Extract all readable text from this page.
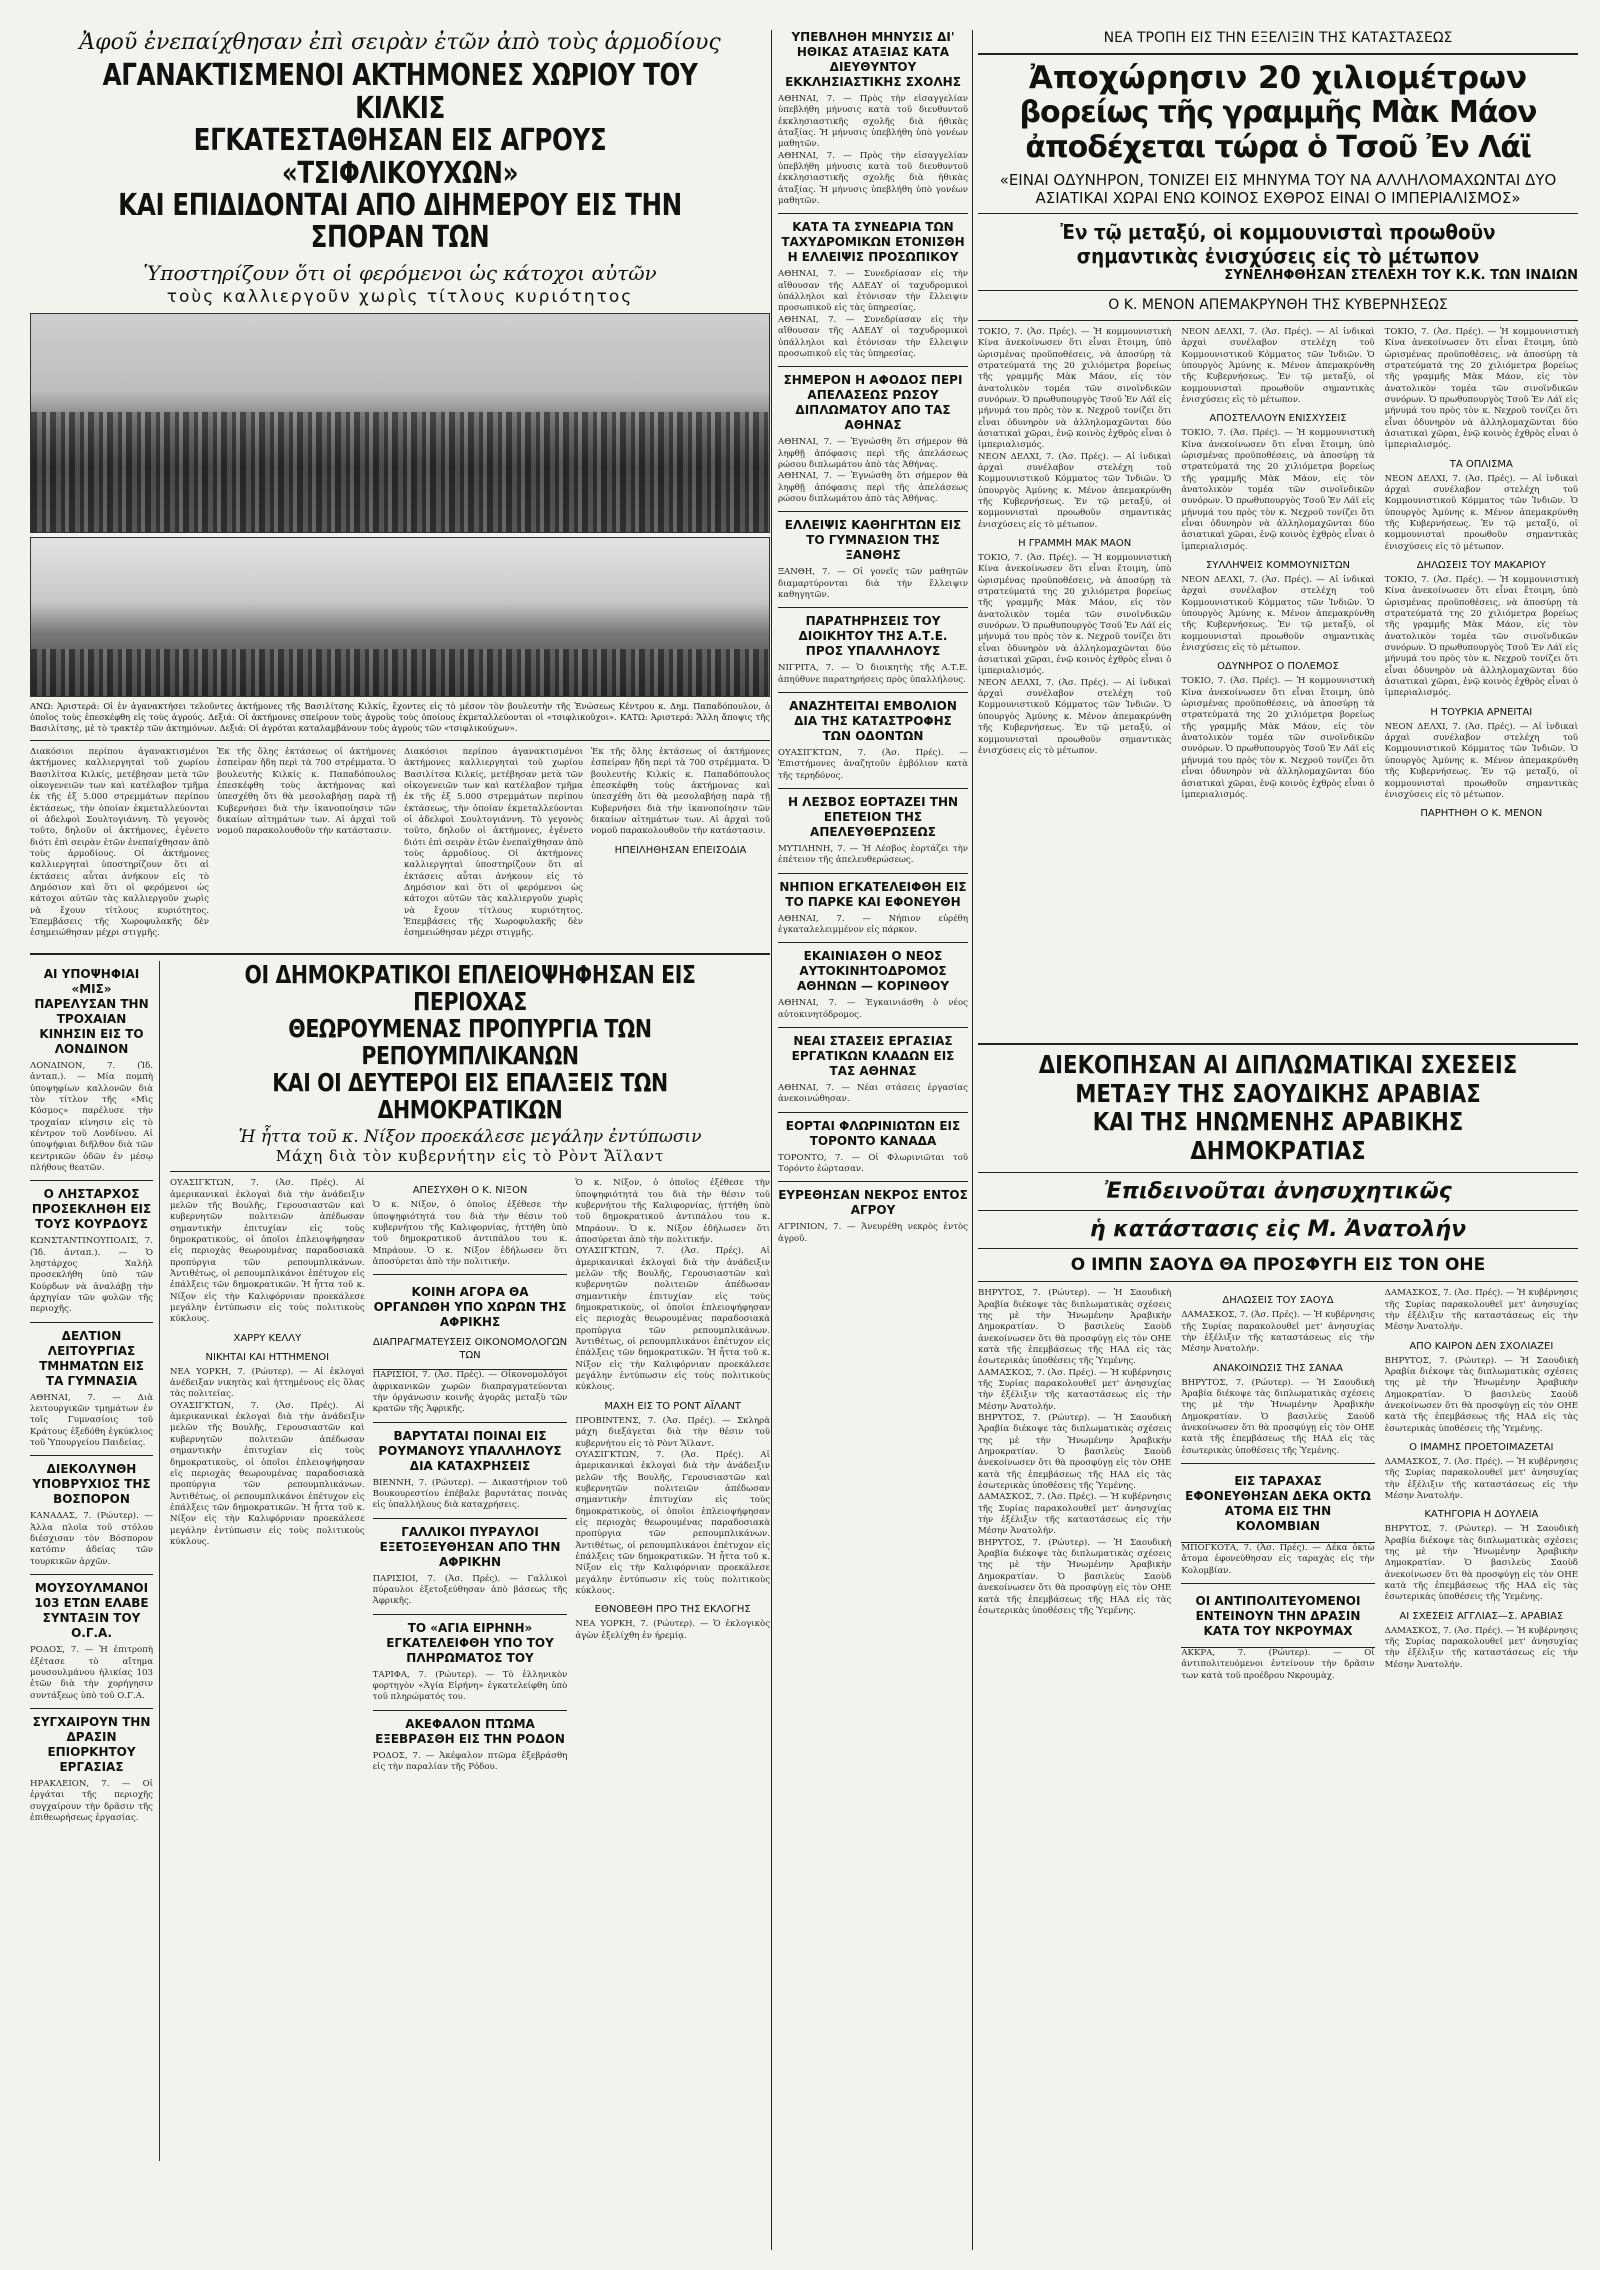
Ἀφοῦ ἐνεπαίχθησαν ἐπὶ σειρὰν ἐτῶν ἀπὸ τοὺς ἁρμοδίους
ΑΓΑΝΑΚΤΙΣΜΕΝΟΙ ΑΚΤΗΜΟΝΕΣ ΧΩΡΙΟΥ ΤΟΥ ΚΙΛΚΙΣ
ΕΓΚΑΤΕΣΤΑΘΗΣΑΝ ΕΙΣ ΑΓΡΟΥΣ «ΤΣΙΦΛΙΚΟΥΧΩΝ»
ΚΑΙ ΕΠΙΔΙΔΟΝΤΑΙ ΑΠΟ ΔΙΗΜΕΡΟΥ ΕΙΣ ΤΗΝ ΣΠΟΡΑΝ ΤΩΝ
Ὑποστηρίζουν ὅτι οἱ φερόμενοι ὡς κάτοχοι αὐτῶν
τοὺς καλλιεργοῦν χωρὶς τίτλους κυριότητος
ΑΝΩ: Ἀριστερά: Οἱ ἐν ἀγανακτήσει τελοῦντες ἀκτήμονες τῆς Βασιλίτσης Κιλκίς, ἔχοντες εἰς τὸ μέσον τὸν βουλευτὴν τῆς Ἑνώσεως Κέντρου κ. Δημ. Παπαδόπουλον, ὁ ὁποῖος τοὺς ἐπεσκέφθη εἰς τοὺς ἀγρούς. Δεξιά: Οἱ ἀκτήμονες σπείρουν τοὺς ἀγροὺς τοὺς ὁποίους ἐκμεταλλεύονται οἱ «τσιφλικοῦχοι». ΚΑΤΩ: Ἀριστερά: Ἄλλη ἄποψις τῆς Βασιλίτσης, μὲ τὸ τρακτὲρ τῶν ἀκτημόνων. Δεξιά: Οἱ ἀγρόται καταλαμβάνουν τοὺς ἀγροὺς τῶν «τσιφλικούχων».
Διακόσιοι περίπου ἀγανακτισμένοι ἀκτήμονες καλλιεργηταὶ τοῦ χωρίου Βασιλίτσα Κιλκίς, μετέβησαν μετὰ τῶν οἰκογενειῶν των καὶ κατέλαβον τμῆμα ἐκ τῆς ἐξ 5.000 στρεμμάτων περίπου ἐκτάσεως, τὴν ὁποίαν ἐκμεταλλεύονται οἱ ἀδελφοὶ Σουλτογιάννη. Τὸ γεγονὸς τοῦτο, δηλοῦν οἱ ἀκτήμονες, ἐγένετο διότι ἐπὶ σειρὰν ἐτῶν ἐνεπαίχθησαν ἀπὸ τοὺς ἁρμοδίους. Οἱ ἀκτήμονες καλλιεργηταὶ ὑποστηρίζουν ὅτι αἱ ἐκτάσεις αὗται ἀνήκουν εἰς τὸ Δημόσιον καὶ ὅτι οἱ φερόμενοι ὡς κάτοχοι αὐτῶν τὰς καλλιεργοῦν χωρὶς νὰ ἔχουν τίτλους κυριότητος. Ἐπεμβάσεις τῆς Χωροφυλακῆς δὲν ἐσημειώθησαν μέχρι στιγμῆς.
Ἐκ τῆς ὅλης ἐκτάσεως οἱ ἀκτήμονες ἐσπείραν ἤδη περὶ τὰ 700 στρέμματα. Ὁ βουλευτὴς Κιλκίς κ. Παπαδόπουλος ἐπεσκέφθη τοὺς ἀκτήμονας καὶ ὑπεσχέθη ὅτι θὰ μεσολαβήσῃ παρὰ τῇ Κυβερνήσει διὰ τὴν ἱκανοποίησιν τῶν δικαίων αἰτημάτων των. Αἱ ἀρχαὶ τοῦ νομοῦ παρακολουθοῦν τὴν κατάστασιν.
Διακόσιοι περίπου ἀγανακτισμένοι ἀκτήμονες καλλιεργηταὶ τοῦ χωρίου Βασιλίτσα Κιλκίς, μετέβησαν μετὰ τῶν οἰκογενειῶν των καὶ κατέλαβον τμῆμα ἐκ τῆς ἐξ 5.000 στρεμμάτων περίπου ἐκτάσεως, τὴν ὁποίαν ἐκμεταλλεύονται οἱ ἀδελφοὶ Σουλτογιάννη. Τὸ γεγονὸς τοῦτο, δηλοῦν οἱ ἀκτήμονες, ἐγένετο διότι ἐπὶ σειρὰν ἐτῶν ἐνεπαίχθησαν ἀπὸ τοὺς ἁρμοδίους. Οἱ ἀκτήμονες καλλιεργηταὶ ὑποστηρίζουν ὅτι αἱ ἐκτάσεις αὗται ἀνήκουν εἰς τὸ Δημόσιον καὶ ὅτι οἱ φερόμενοι ὡς κάτοχοι αὐτῶν τὰς καλλιεργοῦν χωρὶς νὰ ἔχουν τίτλους κυριότητος. Ἐπεμβάσεις τῆς Χωροφυλακῆς δὲν ἐσημειώθησαν μέχρι στιγμῆς.
Ἐκ τῆς ὅλης ἐκτάσεως οἱ ἀκτήμονες ἐσπείραν ἤδη περὶ τὰ 700 στρέμματα. Ὁ βουλευτὴς Κιλκίς κ. Παπαδόπουλος ἐπεσκέφθη τοὺς ἀκτήμονας καὶ ὑπεσχέθη ὅτι θὰ μεσολαβήσῃ παρὰ τῇ Κυβερνήσει διὰ τὴν ἱκανοποίησιν τῶν δικαίων αἰτημάτων των. Αἱ ἀρχαὶ τοῦ νομοῦ παρακολουθοῦν τὴν κατάστασιν.
ΗΠΕΙΛΗΘΗΣΑΝ ΕΠΕΙΣΟΔΙΑ
ΑΙ ΥΠΟΨΗΦΙΑΙ «ΜΙΣ» ΠΑΡΕΛΥΣΑΝ ΤΗΝ ΤΡΟΧΑΙΑΝ ΚΙΝΗΣΙΝ ΕΙΣ ΤΟ ΛΟΝΔΙΝΟΝ
ΛΟΝΔΙΝΟΝ, 7. (Ἰδ. ἀνταπ.). — Μία πομπὴ ὑποψηφίων καλλονῶν διὰ τὸν τίτλον τῆς «Μὶς Κόσμος» παρέλυσε τὴν τροχαίαν κίνησιν εἰς τὸ κέντρον τοῦ Λονδίνου. Αἱ ὑποψήφιαι διῆλθον διὰ τῶν κεντρικῶν ὁδῶν ἐν μέσῳ πλήθους θεατῶν.
Ο ΛΗΣΤΑΡΧΟΣ ΠΡΟΣΕΚΛΗΘΗ ΕΙΣ ΤΟΥΣ ΚΟΥΡΔΟΥΣ
ΚΩΝΣΤΑΝΤΙΝΟΥΠΟΛΙΣ, 7. (Ἰδ. ἀνταπ.). — Ὁ ληστάρχος Χαλὴλ προσεκλήθη ὑπὸ τῶν Κούρδων νὰ ἀναλάβῃ τὴν ἀρχηγίαν τῶν φυλῶν τῆς περιοχῆς.
ΔΕΛΤΙΟΝ ΛΕΙΤΟΥΡΓΙΑΣ ΤΜΗΜΑΤΩΝ ΕΙΣ ΤΑ ΓΥΜΝΑΣΙΑ
ΑΘΗΝΑΙ, 7. — Διὰ λειτουργικῶν τμημάτων ἐν τοῖς Γυμνασίοις τοῦ Κράτους ἐξεδόθη ἐγκύκλιος τοῦ Ὑπουργείου Παιδείας.
ΔΙΕΚΟΛΥΝΘΗ ΥΠΟΒΡΥΧΙΟΣ ΤΗΣ ΒΟΣΠΟΡΟΝ
ΚΑΝΑΔΑΣ, 7. (Ρώυτερ). — Ἀλλα πλοῖα τοῦ στόλου διέσχισαν τὸν Βόσπορον κατόπιν ἀδείας τῶν τουρκικῶν ἀρχῶν.
ΜΟΥΣΟΥΛΜΑΝΟΙ 103 ΕΤΩΝ ΕΛΑΒΕ ΣΥΝΤΑΞΙΝ ΤΟΥ Ο.Γ.Α.
ΡΟΔΟΣ, 7. — Ἡ ἐπιτροπὴ ἐξέτασε τὸ αἴτημα μουσουλμάνου ἡλικίας 103 ἐτῶν διὰ τὴν χορήγησιν συντάξεως ὑπὸ τοῦ Ο.Γ.Α.
ΣΥΓΧΑΙΡΟΥΝ ΤΗΝ ΔΡΑΣΙΝ ΕΠΙΟΡΚΗΤΟΥ ΕΡΓΑΣΙΑΣ
ΗΡΑΚΛΕΙΟΝ, 7. — Οἱ ἐργάται τῆς περιοχῆς συγχαίρουν τὴν δρᾶσιν τῆς ἐπιθεωρήσεως ἐργασίας.
ΟΙ ΔΗΜΟΚΡΑΤΙΚΟΙ ΕΠΛΕΙΟΨΗΦΗΣΑΝ ΕΙΣ ΠΕΡΙΟΧΑΣ
ΘΕΩΡΟΥΜΕΝΑΣ ΠΡΟΠΥΡΓΙΑ ΤΩΝ ΡΕΠΟΥΜΠΛΙΚΑΝΩΝ
ΚΑΙ ΟΙ ΔΕΥΤΕΡΟΙ ΕΙΣ ΕΠΑΛΞΕΙΣ ΤΩΝ ΔΗΜΟΚΡΑΤΙΚΩΝ
Ἡ ἧττα τοῦ κ. Νίξον προεκάλεσε μεγάλην ἐντύπωσιν
Μάχη διὰ τὸν κυβερνήτην εἰς τὸ Ρὸντ Ἄϊλαντ
ΟΥΑΣΙΓΚΤΩΝ, 7. (Ἀσ. Πρές). Αἱ ἀμερικανικαὶ ἐκλογαὶ διὰ τὴν ἀνάδειξιν μελῶν τῆς Βουλῆς, Γερουσιαστῶν καὶ κυβερνητῶν πολιτειῶν ἀπέδωσαν σημαντικὴν ἐπιτυχίαν εἰς τοὺς δημοκρατικοὺς, οἱ ὁποῖοι ἐπλειοψήφησαν εἰς περιοχὰς θεωρουμένας παραδοσιακὰ προπύργια τῶν ρεπουμπλικάνων. Ἀντιθέτως, οἱ ρεπουμπλικάνοι ἐπέτυχον εἰς ἐπάλξεις τῶν δημοκρατικῶν. Ἡ ἧττα τοῦ κ. Νίξον εἰς τὴν Καλιφόρνιαν προεκάλεσε μεγάλην ἐντύπωσιν εἰς τοὺς πολιτικοὺς κύκλους.
ΧΑΡΡΥ ΚΕΛΛΥ
ΝΙΚΗΤΑΙ ΚΑΙ ΗΤΤΗΜΕΝΟΙ
ΝΕΑ ΥΟΡΚΗ, 7. (Ρώυτερ). — Αἱ ἐκλογαὶ ἀνέδειξαν νικητὰς καὶ ἡττημένους εἰς ὅλας τὰς πολιτείας.
ΟΥΑΣΙΓΚΤΩΝ, 7. (Ἀσ. Πρές). Αἱ ἀμερικανικαὶ ἐκλογαὶ διὰ τὴν ἀνάδειξιν μελῶν τῆς Βουλῆς, Γερουσιαστῶν καὶ κυβερνητῶν πολιτειῶν ἀπέδωσαν σημαντικὴν ἐπιτυχίαν εἰς τοὺς δημοκρατικοὺς, οἱ ὁποῖοι ἐπλειοψήφησαν εἰς περιοχὰς θεωρουμένας παραδοσιακὰ προπύργια τῶν ρεπουμπλικάνων. Ἀντιθέτως, οἱ ρεπουμπλικάνοι ἐπέτυχον εἰς ἐπάλξεις τῶν δημοκρατικῶν. Ἡ ἧττα τοῦ κ. Νίξον εἰς τὴν Καλιφόρνιαν προεκάλεσε μεγάλην ἐντύπωσιν εἰς τοὺς πολιτικοὺς κύκλους.
ΑΠΕΣΥΧΘΗ Ο Κ. ΝΙΞΟΝ
Ὁ κ. Νίξον, ὁ ὁποῖος ἐξέθεσε τὴν ὑποψηφιότητά του διὰ τὴν θέσιν τοῦ κυβερνήτου τῆς Καλιφορνίας, ἡττήθη ὑπὸ τοῦ δημοκρατικοῦ ἀντιπάλου του κ. Μπράουν. Ὁ κ. Νίξον ἐδήλωσεν ὅτι ἀποσύρεται ἀπὸ τὴν πολιτικήν.
ΚΟΙΝΗ ΑΓΟΡΑ ΘΑ ΟΡΓΑΝΩΘΗ ΥΠΟ ΧΩΡΩΝ ΤΗΣ ΑΦΡΙΚΗΣ
ΔΙΑΠΡΑΓΜΑΤΕΥΣΕΙΣ ΟΙΚΟΝΟΜΟΛΟΓΩΝ ΤΩΝ
ΠΑΡΙΣΙΟΙ, 7. (Ἀσ. Πρές). — Οἰκονομολόγοι ἀφρικανικῶν χωρῶν διαπραγματεύονται τὴν ὀργάνωσιν κοινῆς ἀγορᾶς μεταξὺ τῶν κρατῶν τῆς Ἀφρικῆς.
ΒΑΡΥΤΑΤΑΙ ΠΟΙΝΑΙ ΕΙΣ ΡΟΥΜΑΝΟΥΣ ΥΠΑΛΛΗΛΟΥΣ ΔΙΑ ΚΑΤΑΧΡΗΣΕΙΣ
ΒΙΕΝΝΗ, 7. (Ρώυτερ). — Δικαστήριον τοῦ Βουκουρεστίου ἐπέβαλε βαρυτάτας ποινὰς εἰς ὑπαλλήλους διὰ καταχρήσεις.
ΓΑΛΛΙΚΟΙ ΠΥΡΑΥΛΟΙ ΕΞΕΤΟΞΕΥΘΗΣΑΝ ΑΠΟ ΤΗΝ ΑΦΡΙΚΗΝ
ΠΑΡΙΣΙΟΙ, 7. (Ἀσ. Πρές). — Γαλλικοὶ πύραυλοι ἐξετοξεύθησαν ἀπὸ βάσεως τῆς Ἀφρικῆς.
ΤΟ «ΑΓΙΑ ΕΙΡΗΝΗ» ΕΓΚΑΤΕΛΕΙΦΘΗ ΥΠΟ ΤΟΥ ΠΛΗΡΩΜΑΤΟΣ ΤΟΥ
ΤΑΡΙΦΑ, 7. (Ρώυτερ). — Τὸ ἑλληνικὸν φορτηγὸν «Ἁγία Εἰρήνη» ἐγκατελείφθη ὑπὸ τοῦ πληρώματός του.
ΑΚΕΦΑΛΟΝ ΠΤΩΜΑ ΕΞΕΒΡΑΣΘΗ ΕΙΣ ΤΗΝ ΡΟΔΟΝ
ΡΟΔΟΣ, 7. — Ἀκέφαλον πτῶμα ἐξεβράσθη εἰς τὴν παραλίαν τῆς Ρόδου.
Ὁ κ. Νίξον, ὁ ὁποῖος ἐξέθεσε τὴν ὑποψηφιότητά του διὰ τὴν θέσιν τοῦ κυβερνήτου τῆς Καλιφορνίας, ἡττήθη ὑπὸ τοῦ δημοκρατικοῦ ἀντιπάλου του κ. Μπράουν. Ὁ κ. Νίξον ἐδήλωσεν ὅτι ἀποσύρεται ἀπὸ τὴν πολιτικήν.
ΟΥΑΣΙΓΚΤΩΝ, 7. (Ἀσ. Πρές). Αἱ ἀμερικανικαὶ ἐκλογαὶ διὰ τὴν ἀνάδειξιν μελῶν τῆς Βουλῆς, Γερουσιαστῶν καὶ κυβερνητῶν πολιτειῶν ἀπέδωσαν σημαντικὴν ἐπιτυχίαν εἰς τοὺς δημοκρατικοὺς, οἱ ὁποῖοι ἐπλειοψήφησαν εἰς περιοχὰς θεωρουμένας παραδοσιακὰ προπύργια τῶν ρεπουμπλικάνων. Ἀντιθέτως, οἱ ρεπουμπλικάνοι ἐπέτυχον εἰς ἐπάλξεις τῶν δημοκρατικῶν. Ἡ ἧττα τοῦ κ. Νίξον εἰς τὴν Καλιφόρνιαν προεκάλεσε μεγάλην ἐντύπωσιν εἰς τοὺς πολιτικοὺς κύκλους.
ΜΑΧΗ ΕΙΣ ΤΟ ΡΟΝΤ ΑΪΛΑΝΤ
ΠΡΟΒΙΝΤΕΝΣ, 7. (Ἀσ. Πρές). — Σκληρὰ μάχη διεξάγεται διὰ τὴν θέσιν τοῦ κυβερνήτου εἰς τὸ Ρὸντ Ἄϊλαντ.
ΟΥΑΣΙΓΚΤΩΝ, 7. (Ἀσ. Πρές). Αἱ ἀμερικανικαὶ ἐκλογαὶ διὰ τὴν ἀνάδειξιν μελῶν τῆς Βουλῆς, Γερουσιαστῶν καὶ κυβερνητῶν πολιτειῶν ἀπέδωσαν σημαντικὴν ἐπιτυχίαν εἰς τοὺς δημοκρατικοὺς, οἱ ὁποῖοι ἐπλειοψήφησαν εἰς περιοχὰς θεωρουμένας παραδοσιακὰ προπύργια τῶν ρεπουμπλικάνων. Ἀντιθέτως, οἱ ρεπουμπλικάνοι ἐπέτυχον εἰς ἐπάλξεις τῶν δημοκρατικῶν. Ἡ ἧττα τοῦ κ. Νίξον εἰς τὴν Καλιφόρνιαν προεκάλεσε μεγάλην ἐντύπωσιν εἰς τοὺς πολιτικοὺς κύκλους.
ΕΘΝΟΒΕΘΗ ΠΡΟ ΤΗΣ ΕΚΛΟΓΗΣ
ΝΕΑ ΥΟΡΚΗ, 7. (Ρώυτερ). — Ὁ ἐκλογικὸς ἀγὼν ἐξελίχθη ἐν ἡρεμίᾳ.
ΥΠΕΒΛΗΘΗ ΜΗΝΥΣΙΣ ΔΙ' ΗΘΙΚΑΣ ΑΤΑΞΙΑΣ ΚΑΤΑ ΔΙΕΥΘΥΝΤΟΥ ΕΚΚΛΗΣΙΑΣΤΙΚΗΣ ΣΧΟΛΗΣ
ΑΘΗΝΑΙ, 7. — Πρὸς τὴν εἰσαγγελίαν ὑπεβλήθη μήνυσις κατὰ τοῦ διευθυντοῦ ἐκκλησιαστικῆς σχολῆς διὰ ἠθικὰς ἀταξίας. Ἡ μήνυσις ὑπεβλήθη ὑπὸ γονέων μαθητῶν.
ΑΘΗΝΑΙ, 7. — Πρὸς τὴν εἰσαγγελίαν ὑπεβλήθη μήνυσις κατὰ τοῦ διευθυντοῦ ἐκκλησιαστικῆς σχολῆς διὰ ἠθικὰς ἀταξίας. Ἡ μήνυσις ὑπεβλήθη ὑπὸ γονέων μαθητῶν.
ΚΑΤΑ ΤΑ ΣΥΝΕΔΡΙΑ ΤΩΝ ΤΑΧΥΔΡΟΜΙΚΩΝ ΕΤΟΝΙΣΘΗ Η ΕΛΛΕΙΨΙΣ ΠΡΟΣΩΠΙΚΟΥ
ΑΘΗΝΑΙ, 7. — Συνεδρίασαν εἰς τὴν αἴθουσαν τῆς ΑΔΕΔΥ οἱ ταχυδρομικοὶ ὑπάλληλοι καὶ ἐτόνισαν τὴν ἔλλειψιν προσωπικοῦ εἰς τὰς ὑπηρεσίας.
ΑΘΗΝΑΙ, 7. — Συνεδρίασαν εἰς τὴν αἴθουσαν τῆς ΑΔΕΔΥ οἱ ταχυδρομικοὶ ὑπάλληλοι καὶ ἐτόνισαν τὴν ἔλλειψιν προσωπικοῦ εἰς τὰς ὑπηρεσίας.
ΣΗΜΕΡΟΝ Η ΑΦΟΔΟΣ ΠΕΡΙ ΑΠΕΛΑΣΕΩΣ ΡΩΣΟΥ ΔΙΠΛΩΜΑΤΟΥ ΑΠΟ ΤΑΣ ΑΘΗΝΑΣ
ΑΘΗΝΑΙ, 7. — Ἐγνώσθη ὅτι σήμερον θὰ ληφθῇ ἀπόφασις περὶ τῆς ἀπελάσεως ρώσου διπλωμάτου ἀπὸ τὰς Ἀθήνας.
ΑΘΗΝΑΙ, 7. — Ἐγνώσθη ὅτι σήμερον θὰ ληφθῇ ἀπόφασις περὶ τῆς ἀπελάσεως ρώσου διπλωμάτου ἀπὸ τὰς Ἀθήνας.
ΕΛΛΕΙΨΙΣ ΚΑΘΗΓΗΤΩΝ ΕΙΣ ΤΟ ΓΥΜΝΑΣΙΟΝ ΤΗΣ ΞΑΝΘΗΣ
ΞΑΝΘΗ, 7. — Οἱ γονεῖς τῶν μαθητῶν διαμαρτύρονται διὰ τὴν ἔλλειψιν καθηγητῶν.
ΠΑΡΑΤΗΡΗΣΕΙΣ ΤΟΥ ΔΙΟΙΚΗΤΟΥ ΤΗΣ Α.Τ.Ε. ΠΡΟΣ ΥΠΑΛΛΗΛΟΥΣ
ΝΙΓΡΙΤΑ, 7. — Ὁ διοικητὴς τῆς Α.Τ.Ε. ἀπηύθυνε παρατηρήσεις πρὸς ὑπαλλήλους.
ΑΝΑΖΗΤΕΙΤΑΙ ΕΜΒΟΛΙΟΝ ΔΙΑ ΤΗΣ ΚΑΤΑΣΤΡΟΦΗΣ ΤΩΝ ΟΔΟΝΤΩΝ
ΟΥΑΣΙΓΚΤΩΝ, 7. (Ἀσ. Πρές). — Ἐπιστήμονες ἀναζητοῦν ἐμβόλιον κατὰ τῆς τερηδόνος.
Η ΛΕΣΒΟΣ ΕΟΡΤΑΖΕΙ ΤΗΝ ΕΠΕΤΕΙΟΝ ΤΗΣ ΑΠΕΛΕΥΘΕΡΩΣΕΩΣ
ΜΥΤΙΛΗΝΗ, 7. — Ἡ Λέσβος ἑορτάζει τὴν ἐπέτειον τῆς ἀπελευθερώσεως.
ΝΗΠΙΟΝ ΕΓΚΑΤΕΛΕΙΦΘΗ ΕΙΣ ΤΟ ΠΑΡΚΕ ΚΑΙ ΕΦΟΝΕΥΘΗ
ΑΘΗΝΑΙ, 7. — Νήπιον εὑρέθη ἐγκαταλελειμμένον εἰς πάρκον.
ΕΚΑΙΝΙΑΣΘΗ Ο ΝΕΟΣ ΑΥΤΟΚΙΝΗΤΟΔΡΟΜΟΣ ΑΘΗΝΩΝ — ΚΟΡΙΝΘΟΥ
ΑΘΗΝΑΙ, 7. — Ἐγκαινιάσθη ὁ νέος αὐτοκινητόδρομος.
ΝΕΑΙ ΣΤΑΣΕΙΣ ΕΡΓΑΣΙΑΣ ΕΡΓΑΤΙΚΩΝ ΚΛΑΔΩΝ ΕΙΣ ΤΑΣ ΑΘΗΝΑΣ
ΑΘΗΝΑΙ, 7. — Νέαι στάσεις ἐργασίας ἀνεκοινώθησαν.
ΕΟΡΤΑΙ ΦΛΩΡΙΝΙΩΤΩΝ ΕΙΣ ΤΟΡΟΝΤΟ ΚΑΝΑΔΑ
ΤΟΡΟΝΤΟ, 7. — Οἱ Φλωρινιῶται τοῦ Τορόντο ἑώρτασαν.
ΕΥΡΕΘΗΣΑΝ ΝΕΚΡΟΣ ΕΝΤΟΣ ΑΓΡΟΥ
ΑΓΡΙΝΙΟΝ, 7. — Ἀνευρέθη νεκρὸς ἐντὸς ἀγροῦ.
ΝΕΑ ΤΡΟΠΗ ΕΙΣ ΤΗΝ ΕΞΕΛΙΞΙΝ ΤΗΣ ΚΑΤΑΣΤΑΣΕΩΣ
Ἀποχώρησιν 20 χιλιομέτρων
βορείως τῆς γραμμῆς Μὰκ Μάον
ἀποδέχεται τώρα ὁ Τσοῦ Ἐν Λάϊ
«ΕΙΝΑΙ ΟΔΥΝΗΡΟΝ, ΤΟΝΙΖΕΙ ΕΙΣ ΜΗΝΥΜΑ ΤΟΥ ΝΑ ΑΛΛΗΛΟΜΑΧΩΝΤΑΙ ΔΥΟ ΑΣΙΑΤΙΚΑΙ ΧΩΡΑΙ ΕΝΩ ΚΟΙΝΟΣ ΕΧΘΡΟΣ ΕΙΝΑΙ Ο ΙΜΠΕΡΙΑΛΙΣΜΟΣ»
Ἐν τῷ μεταξύ, οἱ κομμουνισταὶ προωθοῦν
σημαντικὰς ἐνισχύσεις εἰς τὸ μέτωπον
ΣΥΝΕΛΗΦΘΗΣΑΝ ΣΤΕΛΕΧΗ ΤΟΥ Κ.Κ. ΤΩΝ ΙΝΔΙΩΝ
Ο Κ. ΜΕΝΟΝ ΑΠΕΜΑΚΡΥΝΘΗ ΤΗΣ ΚΥΒΕΡΝΗΣΕΩΣ
ΤΟΚΙΟ, 7. (Ἀσ. Πρές). — Ἡ κομμουνιστικὴ Κίνα ἀνεκοίνωσεν ὅτι εἶναι ἕτοιμη, ὑπὸ ὡρισμένας προϋποθέσεις, νὰ ἀποσύρῃ τὰ στρατεύματά της 20 χιλιόμετρα βορείως τῆς γραμμῆς Μὰκ Μάον, εἰς τὸν ἀνατολικὸν τομέα τῶν σινοϊνδικῶν συνόρων. Ὁ πρωθυπουργὸς Τσοῦ Ἐν Λάϊ εἰς μήνυμά του πρὸς τὸν κ. Νεχροῦ τονίζει ὅτι εἶναι ὀδυνηρὸν νὰ ἀλληλομαχῶνται δύο ἀσιατικαὶ χῶραι, ἐνῷ κοινὸς ἐχθρὸς εἶναι ὁ ἰμπεριαλισμός.
ΝΕΟΝ ΔΕΛΧΙ, 7. (Ἀσ. Πρές). — Αἱ ἰνδικαὶ ἀρχαὶ συνέλαβον στελέχη τοῦ Κομμουνιστικοῦ Κόμματος τῶν Ἰνδιῶν. Ὁ ὑπουργὸς Ἀμύνης κ. Μένον ἀπεμακρύνθη τῆς Κυβερνήσεως. Ἐν τῷ μεταξύ, οἱ κομμουνισταὶ προωθοῦν σημαντικὰς ἐνισχύσεις εἰς τὸ μέτωπον.
Η ΓΡΑΜΜΗ ΜΑΚ ΜΑΟΝ
ΤΟΚΙΟ, 7. (Ἀσ. Πρές). — Ἡ κομμουνιστικὴ Κίνα ἀνεκοίνωσεν ὅτι εἶναι ἕτοιμη, ὑπὸ ὡρισμένας προϋποθέσεις, νὰ ἀποσύρῃ τὰ στρατεύματά της 20 χιλιόμετρα βορείως τῆς γραμμῆς Μὰκ Μάον, εἰς τὸν ἀνατολικὸν τομέα τῶν σινοϊνδικῶν συνόρων. Ὁ πρωθυπουργὸς Τσοῦ Ἐν Λάϊ εἰς μήνυμά του πρὸς τὸν κ. Νεχροῦ τονίζει ὅτι εἶναι ὀδυνηρὸν νὰ ἀλληλομαχῶνται δύο ἀσιατικαὶ χῶραι, ἐνῷ κοινὸς ἐχθρὸς εἶναι ὁ ἰμπεριαλισμός.
ΝΕΟΝ ΔΕΛΧΙ, 7. (Ἀσ. Πρές). — Αἱ ἰνδικαὶ ἀρχαὶ συνέλαβον στελέχη τοῦ Κομμουνιστικοῦ Κόμματος τῶν Ἰνδιῶν. Ὁ ὑπουργὸς Ἀμύνης κ. Μένον ἀπεμακρύνθη τῆς Κυβερνήσεως. Ἐν τῷ μεταξύ, οἱ κομμουνισταὶ προωθοῦν σημαντικὰς ἐνισχύσεις εἰς τὸ μέτωπον.
ΝΕΟΝ ΔΕΛΧΙ, 7. (Ἀσ. Πρές). — Αἱ ἰνδικαὶ ἀρχαὶ συνέλαβον στελέχη τοῦ Κομμουνιστικοῦ Κόμματος τῶν Ἰνδιῶν. Ὁ ὑπουργὸς Ἀμύνης κ. Μένον ἀπεμακρύνθη τῆς Κυβερνήσεως. Ἐν τῷ μεταξύ, οἱ κομμουνισταὶ προωθοῦν σημαντικὰς ἐνισχύσεις εἰς τὸ μέτωπον.
ΑΠΟΣΤΕΛΛΟΥΝ ΕΝΙΣΧΥΣΕΙΣ
ΤΟΚΙΟ, 7. (Ἀσ. Πρές). — Ἡ κομμουνιστικὴ Κίνα ἀνεκοίνωσεν ὅτι εἶναι ἕτοιμη, ὑπὸ ὡρισμένας προϋποθέσεις, νὰ ἀποσύρῃ τὰ στρατεύματά της 20 χιλιόμετρα βορείως τῆς γραμμῆς Μὰκ Μάον, εἰς τὸν ἀνατολικὸν τομέα τῶν σινοϊνδικῶν συνόρων. Ὁ πρωθυπουργὸς Τσοῦ Ἐν Λάϊ εἰς μήνυμά του πρὸς τὸν κ. Νεχροῦ τονίζει ὅτι εἶναι ὀδυνηρὸν νὰ ἀλληλομαχῶνται δύο ἀσιατικαὶ χῶραι, ἐνῷ κοινὸς ἐχθρὸς εἶναι ὁ ἰμπεριαλισμός.
ΣΥΛΛΗΨΕΙΣ ΚΟΜΜΟΥΝΙΣΤΩΝ
ΝΕΟΝ ΔΕΛΧΙ, 7. (Ἀσ. Πρές). — Αἱ ἰνδικαὶ ἀρχαὶ συνέλαβον στελέχη τοῦ Κομμουνιστικοῦ Κόμματος τῶν Ἰνδιῶν. Ὁ ὑπουργὸς Ἀμύνης κ. Μένον ἀπεμακρύνθη τῆς Κυβερνήσεως. Ἐν τῷ μεταξύ, οἱ κομμουνισταὶ προωθοῦν σημαντικὰς ἐνισχύσεις εἰς τὸ μέτωπον.
ΟΔΥΝΗΡΟΣ Ο ΠΟΛΕΜΟΣ
ΤΟΚΙΟ, 7. (Ἀσ. Πρές). — Ἡ κομμουνιστικὴ Κίνα ἀνεκοίνωσεν ὅτι εἶναι ἕτοιμη, ὑπὸ ὡρισμένας προϋποθέσεις, νὰ ἀποσύρῃ τὰ στρατεύματά της 20 χιλιόμετρα βορείως τῆς γραμμῆς Μὰκ Μάον, εἰς τὸν ἀνατολικὸν τομέα τῶν σινοϊνδικῶν συνόρων. Ὁ πρωθυπουργὸς Τσοῦ Ἐν Λάϊ εἰς μήνυμά του πρὸς τὸν κ. Νεχροῦ τονίζει ὅτι εἶναι ὀδυνηρὸν νὰ ἀλληλομαχῶνται δύο ἀσιατικαὶ χῶραι, ἐνῷ κοινὸς ἐχθρὸς εἶναι ὁ ἰμπεριαλισμός.
ΤΟΚΙΟ, 7. (Ἀσ. Πρές). — Ἡ κομμουνιστικὴ Κίνα ἀνεκοίνωσεν ὅτι εἶναι ἕτοιμη, ὑπὸ ὡρισμένας προϋποθέσεις, νὰ ἀποσύρῃ τὰ στρατεύματά της 20 χιλιόμετρα βορείως τῆς γραμμῆς Μὰκ Μάον, εἰς τὸν ἀνατολικὸν τομέα τῶν σινοϊνδικῶν συνόρων. Ὁ πρωθυπουργὸς Τσοῦ Ἐν Λάϊ εἰς μήνυμά του πρὸς τὸν κ. Νεχροῦ τονίζει ὅτι εἶναι ὀδυνηρὸν νὰ ἀλληλομαχῶνται δύο ἀσιατικαὶ χῶραι, ἐνῷ κοινὸς ἐχθρὸς εἶναι ὁ ἰμπεριαλισμός.
ΤΑ ΟΠΛΙΣΜΑ
ΝΕΟΝ ΔΕΛΧΙ, 7. (Ἀσ. Πρές). — Αἱ ἰνδικαὶ ἀρχαὶ συνέλαβον στελέχη τοῦ Κομμουνιστικοῦ Κόμματος τῶν Ἰνδιῶν. Ὁ ὑπουργὸς Ἀμύνης κ. Μένον ἀπεμακρύνθη τῆς Κυβερνήσεως. Ἐν τῷ μεταξύ, οἱ κομμουνισταὶ προωθοῦν σημαντικὰς ἐνισχύσεις εἰς τὸ μέτωπον.
ΔΗΛΩΣΕΙΣ ΤΟΥ ΜΑΚΑΡΙΟΥ
ΤΟΚΙΟ, 7. (Ἀσ. Πρές). — Ἡ κομμουνιστικὴ Κίνα ἀνεκοίνωσεν ὅτι εἶναι ἕτοιμη, ὑπὸ ὡρισμένας προϋποθέσεις, νὰ ἀποσύρῃ τὰ στρατεύματά της 20 χιλιόμετρα βορείως τῆς γραμμῆς Μὰκ Μάον, εἰς τὸν ἀνατολικὸν τομέα τῶν σινοϊνδικῶν συνόρων. Ὁ πρωθυπουργὸς Τσοῦ Ἐν Λάϊ εἰς μήνυμά του πρὸς τὸν κ. Νεχροῦ τονίζει ὅτι εἶναι ὀδυνηρὸν νὰ ἀλληλομαχῶνται δύο ἀσιατικαὶ χῶραι, ἐνῷ κοινὸς ἐχθρὸς εἶναι ὁ ἰμπεριαλισμός.
Η ΤΟΥΡΚΙΑ ΑΡΝΕΙΤΑΙ
ΝΕΟΝ ΔΕΛΧΙ, 7. (Ἀσ. Πρές). — Αἱ ἰνδικαὶ ἀρχαὶ συνέλαβον στελέχη τοῦ Κομμουνιστικοῦ Κόμματος τῶν Ἰνδιῶν. Ὁ ὑπουργὸς Ἀμύνης κ. Μένον ἀπεμακρύνθη τῆς Κυβερνήσεως. Ἐν τῷ μεταξύ, οἱ κομμουνισταὶ προωθοῦν σημαντικὰς ἐνισχύσεις εἰς τὸ μέτωπον.
ΠΑΡΗΤΗΘΗ Ο Κ. ΜΕΝΟΝ
ΔΙΕΚΟΠΗΣΑΝ ΑΙ ΔΙΠΛΩΜΑΤΙΚΑΙ ΣΧΕΣΕΙΣ
ΜΕΤΑΞΥ ΤΗΣ ΣΑΟΥΔΙΚΗΣ ΑΡΑΒΙΑΣ
ΚΑΙ ΤΗΣ ΗΝΩΜΕΝΗΣ ΑΡΑΒΙΚΗΣ ΔΗΜΟΚΡΑΤΙΑΣ
Ἐπιδεινοῦται ἀνησυχητικῶς
ἡ κατάστασις εἰς Μ. Ἀνατολήν
Ο ΙΜΠΝ ΣΑΟΥΔ ΘΑ ΠΡΟΣΦΥΓΗ ΕΙΣ ΤΟΝ ΟΗΕ
ΒΗΡΥΤΟΣ, 7. (Ρώυτερ). — Ἡ Σαουδικὴ Ἀραβία διέκοψε τὰς διπλωματικὰς σχέσεις της μὲ τὴν Ἡνωμένην Ἀραβικὴν Δημοκρατίαν. Ὁ βασιλεὺς Σαοὺδ ἀνεκοίνωσεν ὅτι θὰ προσφύγῃ εἰς τὸν ΟΗΕ κατὰ τῆς ἐπεμβάσεως τῆς ΗΑΔ εἰς τὰς ἐσωτερικὰς ὑποθέσεις τῆς Ὑεμένης.
ΔΑΜΑΣΚΟΣ, 7. (Ἀσ. Πρές). — Ἡ κυβέρνησις τῆς Συρίας παρακολουθεῖ μετ' ἀνησυχίας τὴν ἐξέλιξιν τῆς καταστάσεως εἰς τὴν Μέσην Ἀνατολήν.
ΒΗΡΥΤΟΣ, 7. (Ρώυτερ). — Ἡ Σαουδικὴ Ἀραβία διέκοψε τὰς διπλωματικὰς σχέσεις της μὲ τὴν Ἡνωμένην Ἀραβικὴν Δημοκρατίαν. Ὁ βασιλεὺς Σαοὺδ ἀνεκοίνωσεν ὅτι θὰ προσφύγῃ εἰς τὸν ΟΗΕ κατὰ τῆς ἐπεμβάσεως τῆς ΗΑΔ εἰς τὰς ἐσωτερικὰς ὑποθέσεις τῆς Ὑεμένης.
ΔΑΜΑΣΚΟΣ, 7. (Ἀσ. Πρές). — Ἡ κυβέρνησις τῆς Συρίας παρακολουθεῖ μετ' ἀνησυχίας τὴν ἐξέλιξιν τῆς καταστάσεως εἰς τὴν Μέσην Ἀνατολήν.
ΒΗΡΥΤΟΣ, 7. (Ρώυτερ). — Ἡ Σαουδικὴ Ἀραβία διέκοψε τὰς διπλωματικὰς σχέσεις της μὲ τὴν Ἡνωμένην Ἀραβικὴν Δημοκρατίαν. Ὁ βασιλεὺς Σαοὺδ ἀνεκοίνωσεν ὅτι θὰ προσφύγῃ εἰς τὸν ΟΗΕ κατὰ τῆς ἐπεμβάσεως τῆς ΗΑΔ εἰς τὰς ἐσωτερικὰς ὑποθέσεις τῆς Ὑεμένης.
ΔΗΛΩΣΕΙΣ ΤΟΥ ΣΑΟΥΔ
ΔΑΜΑΣΚΟΣ, 7. (Ἀσ. Πρές). — Ἡ κυβέρνησις τῆς Συρίας παρακολουθεῖ μετ' ἀνησυχίας τὴν ἐξέλιξιν τῆς καταστάσεως εἰς τὴν Μέσην Ἀνατολήν.
ΑΝΑΚΟΙΝΩΣΙΣ ΤΗΣ ΣΑΝΑΑ
ΒΗΡΥΤΟΣ, 7. (Ρώυτερ). — Ἡ Σαουδικὴ Ἀραβία διέκοψε τὰς διπλωματικὰς σχέσεις της μὲ τὴν Ἡνωμένην Ἀραβικὴν Δημοκρατίαν. Ὁ βασιλεὺς Σαοὺδ ἀνεκοίνωσεν ὅτι θὰ προσφύγῃ εἰς τὸν ΟΗΕ κατὰ τῆς ἐπεμβάσεως τῆς ΗΑΔ εἰς τὰς ἐσωτερικὰς ὑποθέσεις τῆς Ὑεμένης.
ΕΙΣ ΤΑΡΑΧΑΣ ΕΦΟΝΕΥΘΗΣΑΝ ΔΕΚΑ ΟΚΤΩ ΑΤΟΜΑ ΕΙΣ ΤΗΝ ΚΟΛΟΜΒΙΑΝ
ΜΠΟΓΚΟΤΑ, 7. (Ἀσ. Πρές). — Δέκα ὀκτὼ ἄτομα ἐφονεύθησαν εἰς ταραχὰς εἰς τὴν Κολομβίαν.
ΟΙ ΑΝΤΙΠΟΛΙΤΕΥΟΜΕΝΟΙ ΕΝΤΕΙΝΟΥΝ ΤΗΝ ΔΡΑΣΙΝ ΚΑΤΑ ΤΟΥ ΝΚΡΟΥΜΑΧ
ΑΚΚΡΑ, 7. (Ρώυτερ). — Οἱ ἀντιπολιτευόμενοι ἐντείνουν τὴν δρᾶσιν των κατὰ τοῦ προέδρου Νκρουμὰχ.
ΔΑΜΑΣΚΟΣ, 7. (Ἀσ. Πρές). — Ἡ κυβέρνησις τῆς Συρίας παρακολουθεῖ μετ' ἀνησυχίας τὴν ἐξέλιξιν τῆς καταστάσεως εἰς τὴν Μέσην Ἀνατολήν.
ΑΠΟ ΚΑΙΡΟΝ ΔΕΝ ΣΧΟΛΙΑΖΕΙ
ΒΗΡΥΤΟΣ, 7. (Ρώυτερ). — Ἡ Σαουδικὴ Ἀραβία διέκοψε τὰς διπλωματικὰς σχέσεις της μὲ τὴν Ἡνωμένην Ἀραβικὴν Δημοκρατίαν. Ὁ βασιλεὺς Σαοὺδ ἀνεκοίνωσεν ὅτι θὰ προσφύγῃ εἰς τὸν ΟΗΕ κατὰ τῆς ἐπεμβάσεως τῆς ΗΑΔ εἰς τὰς ἐσωτερικὰς ὑποθέσεις τῆς Ὑεμένης.
Ο ΙΜΑΜΗΣ ΠΡΟΕΤΟΙΜΑΖΕΤΑΙ
ΔΑΜΑΣΚΟΣ, 7. (Ἀσ. Πρές). — Ἡ κυβέρνησις τῆς Συρίας παρακολουθεῖ μετ' ἀνησυχίας τὴν ἐξέλιξιν τῆς καταστάσεως εἰς τὴν Μέσην Ἀνατολήν.
ΚΑΤΗΓΟΡΙΑ Η ΔΟΥΛΕΙΑ
ΒΗΡΥΤΟΣ, 7. (Ρώυτερ). — Ἡ Σαουδικὴ Ἀραβία διέκοψε τὰς διπλωματικὰς σχέσεις της μὲ τὴν Ἡνωμένην Ἀραβικὴν Δημοκρατίαν. Ὁ βασιλεὺς Σαοὺδ ἀνεκοίνωσεν ὅτι θὰ προσφύγῃ εἰς τὸν ΟΗΕ κατὰ τῆς ἐπεμβάσεως τῆς ΗΑΔ εἰς τὰς ἐσωτερικὰς ὑποθέσεις τῆς Ὑεμένης.
ΑΙ ΣΧΕΣΕΙΣ ΑΓΓΛΙΑΣ—Σ. ΑΡΑΒΙΑΣ
ΔΑΜΑΣΚΟΣ, 7. (Ἀσ. Πρές). — Ἡ κυβέρνησις τῆς Συρίας παρακολουθεῖ μετ' ἀνησυχίας τὴν ἐξέλιξιν τῆς καταστάσεως εἰς τὴν Μέσην Ἀνατολήν.
